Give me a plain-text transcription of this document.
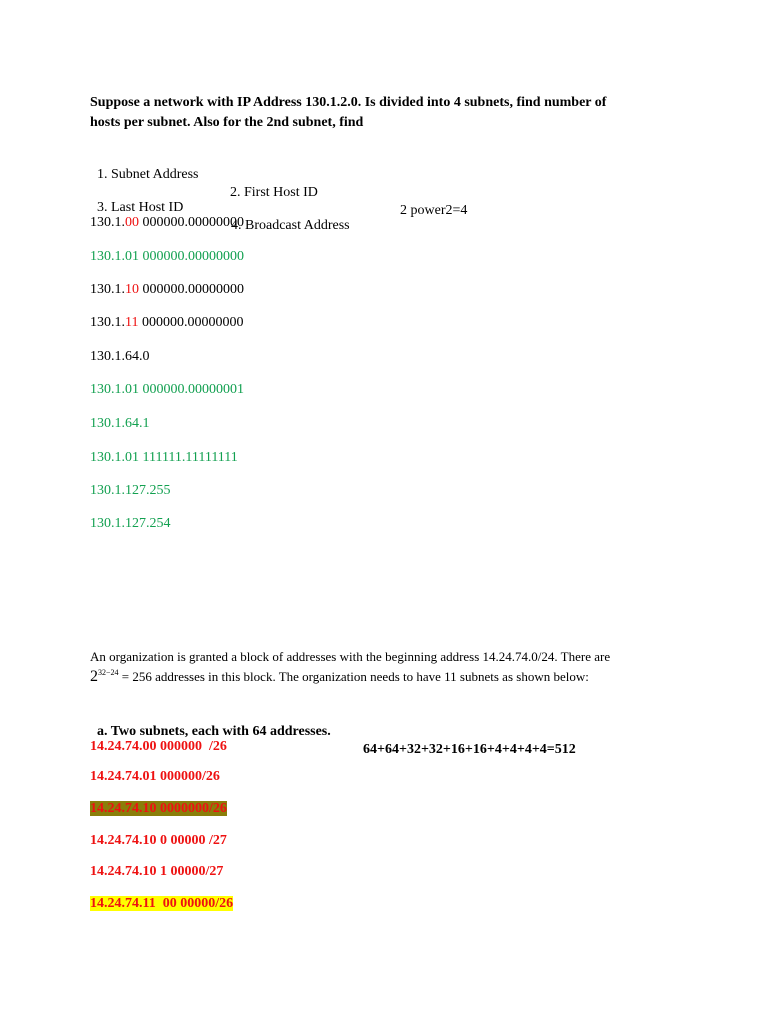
Suppose a network with IP Address 130.1.2.0. Is divided into 4 subnets, find number of
hosts per subnet. Also for the 2nd subnet, find

1. Subnet Address

2. First Host ID

2 power2=4

3. Last Host ID

4. Broadcast Address

130.1.00 000000.00000000
130.1.01 000000.00000000
130.1.10 000000.00000000
130.1.11 000000.00000000
130.1.64.0
130.1.01 000000.00000001
130.1.64.1
130.1.01 111111.11111111
130.1.127.255
130.1.127.254
An organization is granted a block of addresses with the beginning address 14.24.74.0/24. There are
$2^{32-24} = 256$ addresses in this block. The organization needs to have 11 subnets as shown below:

a. Two subnets, each with 64 addresses.

64+64+32+32+16+16+4+4+4+4=512

14.24.74.00 000000  /26
14.24.74.01 000000/26
14.24.74.10 0000000/26
14.24.74.10 0 00000 /27
14.24.74.10 1 00000/27
14.24.74.11  00 00000/26
